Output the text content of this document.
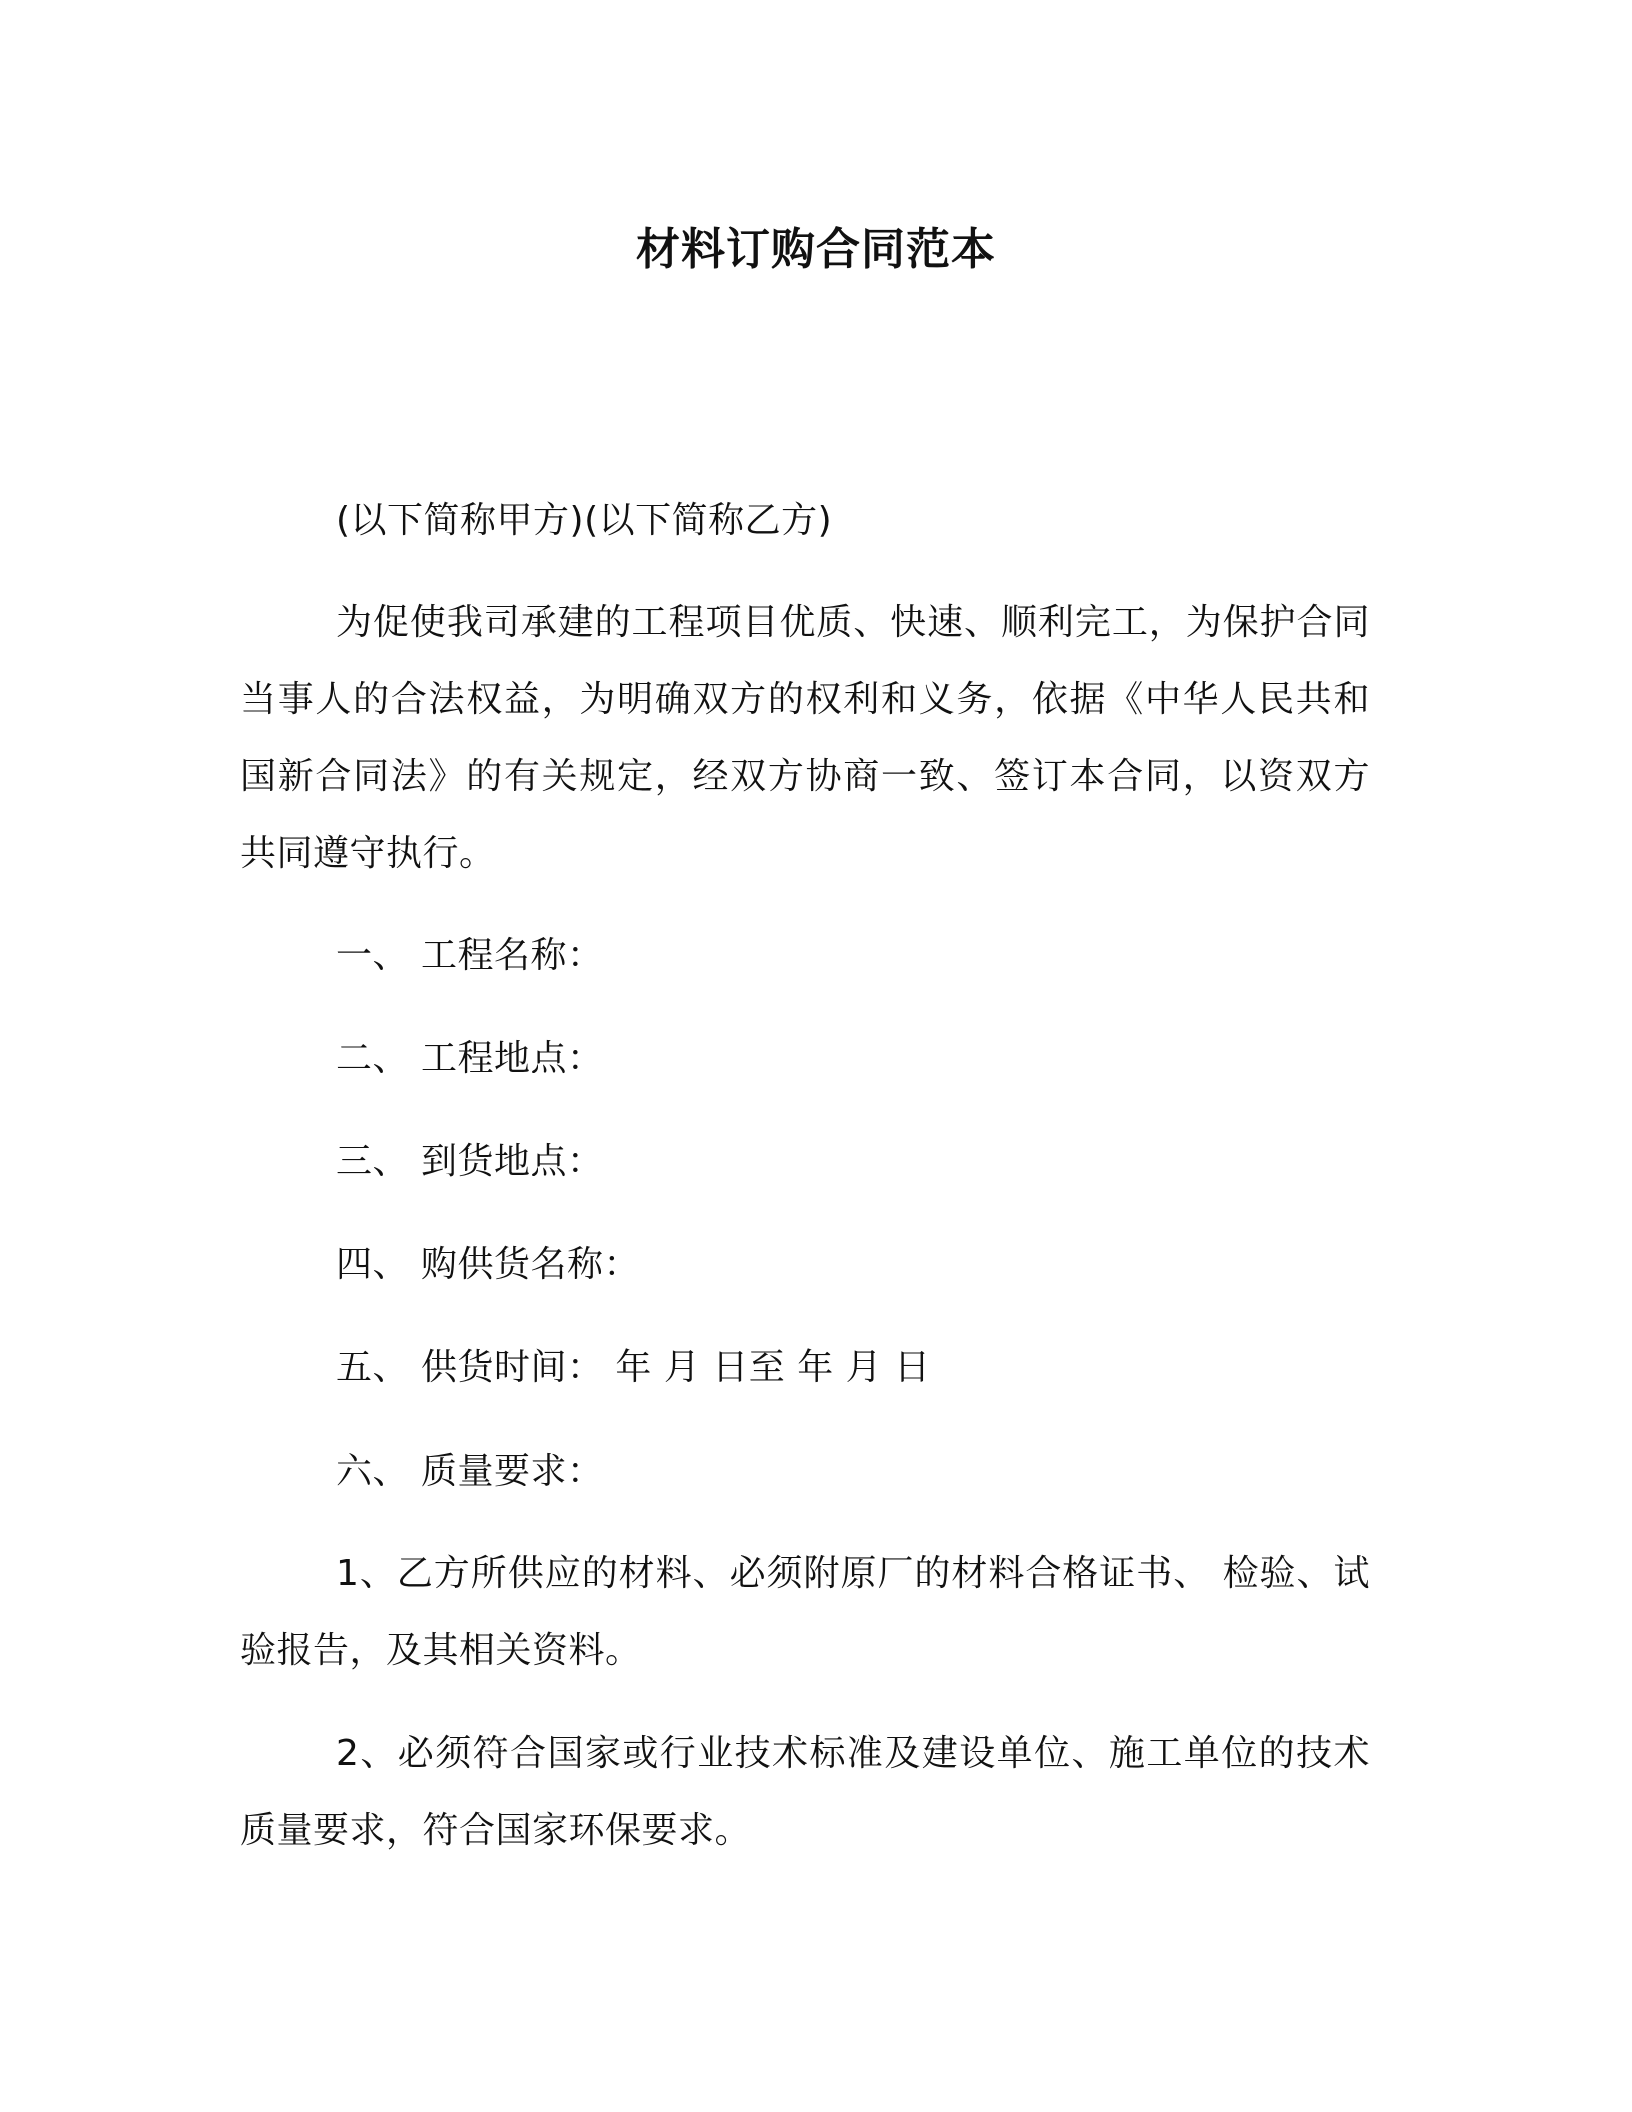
材料订购合同范本

(以下简称甲方)(以下简称乙方)

为促使我司承建的工程项目优质、快速、顺利完工，为保护合同当事人的合法权益，为明确双方的权利和义务，依据《中华人民共和国新合同法》的有关规定，经双方协商一致、签订本合同，以资双方共同遵守执行。

一、 工程名称：

二、 工程地点：

三、 到货地点：

四、 购供货名称：

五、 供货时间： 年 月 日至 年 月 日

六、 质量要求：

1、乙方所供应的材料、必须附原厂的材料合格证书、 检验、试验报告，及其相关资料。

2、必须符合国家或行业技术标准及建设单位、施工单位的技术质量要求，符合国家环保要求。
